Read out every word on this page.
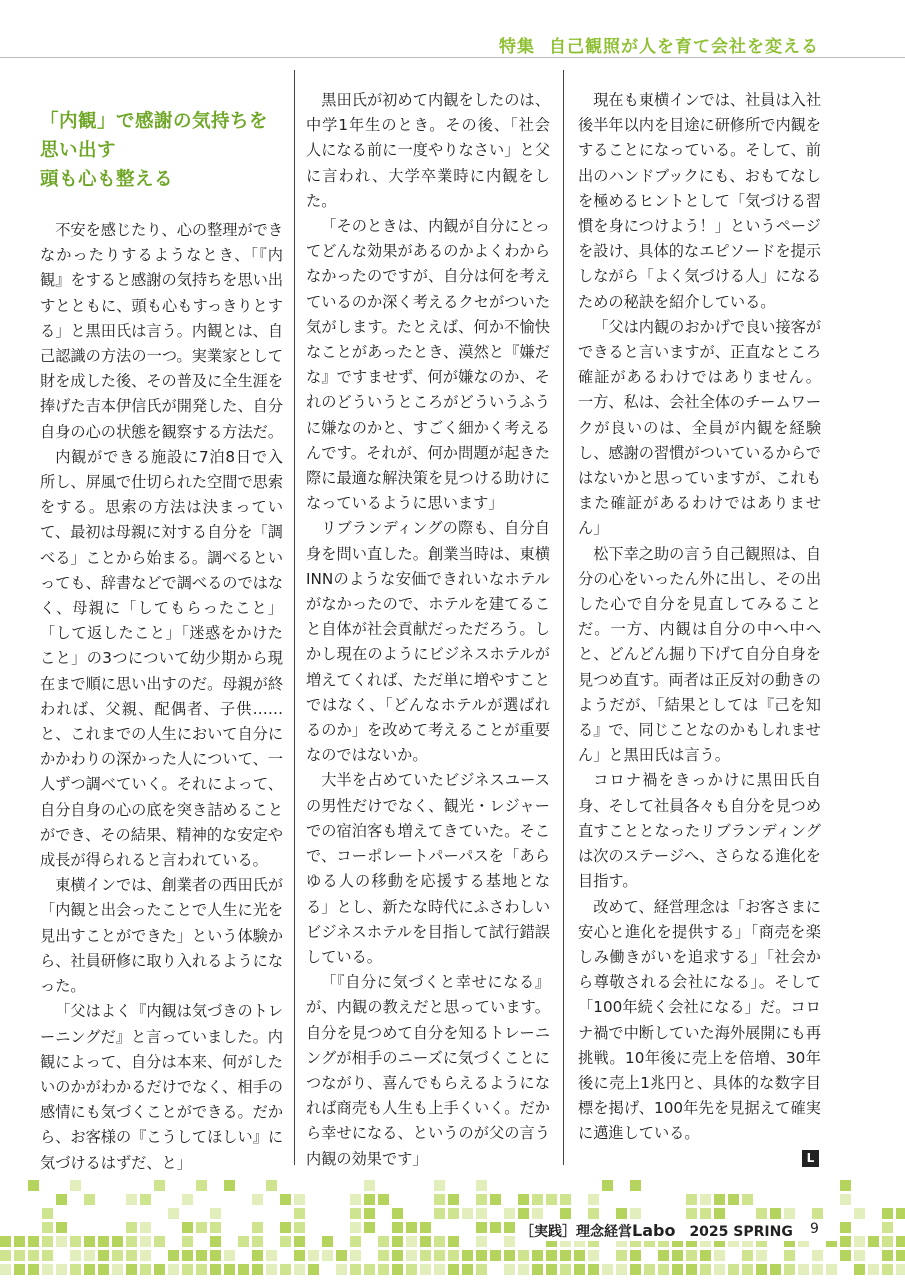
特集 自己観照が人を育て会社を変える
「内観」で感謝の気持ちを思い出す
頭も心も整える

不安を感じたり、心の整理ができなかったりするようなとき、「『内観』をすると感謝の気持ちを思い出すとともに、頭も心もすっきりとする」と黒田氏は言う。内観とは、自己認識の方法の一つ。実業家として財を成した後、その普及に全生涯を捧げた吉本伊信氏が開発した、自分自身の心の状態を観察する方法だ。

内観ができる施設に7泊8日で入所し、屏風で仕切られた空間で思索をする。思索の方法は決まっていて、最初は母親に対する自分を「調べる」ことから始まる。調べるといっても、辞書などで調べるのではなく、母親に「してもらったこと」「して返したこと」「迷惑をかけたこと」の3つについて幼少期から現在まで順に思い出すのだ。母親が終われば、父親、配偶者、子供……と、これまでの人生において自分にかかわりの深かった人について、一人ずつ調べていく。それによって、自分自身の心の底を突き詰めることができ、その結果、精神的な安定や成長が得られると言われている。

東横インでは、創業者の西田氏が「内観と出会ったことで人生に光を見出すことができた」という体験から、社員研修に取り入れるようになった。

「父はよく『内観は気づきのトレーニングだ』と言っていました。内観によって、自分は本来、何がしたいのかがわかるだけでなく、相手の感情にも気づくことができる。だから、お客様の『こうしてほしい』に気づけるはずだ、と」

黒田氏が初めて内観をしたのは、中学1年生のとき。その後、「社会人になる前に一度やりなさい」と父に言われ、大学卒業時に内観をした。

「そのときは、内観が自分にとってどんな効果があるのかよくわからなかったのですが、自分は何を考えているのか深く考えるクセがついた気がします。たとえば、何か不愉快なことがあったとき、漠然と『嫌だな』ですませず、何が嫌なのか、それのどういうところがどういうふうに嫌なのかと、すごく細かく考えるんです。それが、何か問題が起きた際に最適な解決策を見つける助けになっているように思います」

リブランディングの際も、自分自身を問い直した。創業当時は、東横INNのような安価できれいなホテルがなかったので、ホテルを建てること自体が社会貢献だっただろう。しかし現在のようにビジネスホテルが増えてくれば、ただ単に増やすことではなく、「どんなホテルが選ばれるのか」を改めて考えることが重要なのではないか。

大半を占めていたビジネスユースの男性だけでなく、観光・レジャーでの宿泊客も増えてきていた。そこで、コーポレートパーパスを「あらゆる人の移動を応援する基地となる」とし、新たな時代にふさわしいビジネスホテルを目指して試行錯誤している。

「『自分に気づくと幸せになる』が、内観の教えだと思っています。自分を見つめて自分を知るトレーニングが相手のニーズに気づくことにつながり、喜んでもらえるようになれば商売も人生も上手くいく。だから幸せになる、というのが父の言う内観の効果です」

現在も東横インでは、社員は入社後半年以内を目途に研修所で内観をすることになっている。そして、前出のハンドブックにも、おもてなしを極めるヒントとして「気づける習慣を身につけよう！」というページを設け、具体的なエピソードを提示しながら「よく気づける人」になるための秘訣を紹介している。

「父は内観のおかげで良い接客ができると言いますが、正直なところ確証があるわけではありません。一方、私は、会社全体のチームワークが良いのは、全員が内観を経験し、感謝の習慣がついているからではないかと思っていますが、これもまた確証があるわけではありません」

松下幸之助の言う自己観照は、自分の心をいったん外に出し、その出した心で自分を見直してみることだ。一方、内観は自分の中へ中へと、どんどん掘り下げて自分自身を見つめ直す。両者は正反対の動きのようだが、「結果としては『己を知る』で、同じことなのかもしれません」と黒田氏は言う。

コロナ禍をきっかけに黒田氏自身、そして社員各々も自分を見つめ直すこととなったリブランディングは次のステージへ、さらなる進化を目指す。

改めて、経営理念は「お客さまに安心と進化を提供する」「商売を楽しみ働きがいを追求する」「社会から尊敬される会社になる」。そして「100年続く会社になる」だ。コロナ禍で中断していた海外展開にも再挑戦。10年後に売上を倍増、30年後に売上1兆円と、具体的な数字目標を掲げ、100年先を見据えて確実に邁進している。

L
［実践］理念経営Labo 2025 SPRING 9
